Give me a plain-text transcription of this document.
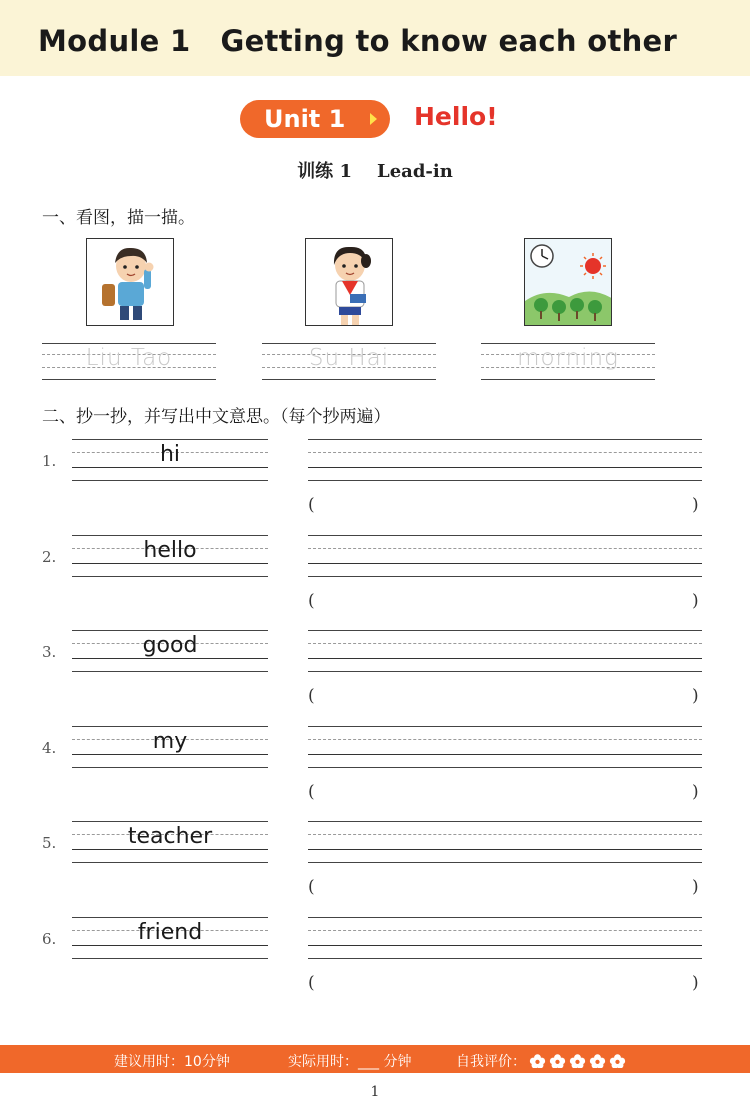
Module 1 Getting to know each other
Unit 1	Hello!
训练 1    Lead-in
一、看图，描一描。
Liu Tao	Su Hai	morning
二、抄一抄，并写出中文意思。（每个抄两遍）
1.	hi
(	)
2.	hello
(	)
3.	good
(	)
4.	my
(	)
5.	teacher
(	)
6.	friend
(	)
建议用时：10分钟	实际用时：___ 分钟	自我评价：
1
